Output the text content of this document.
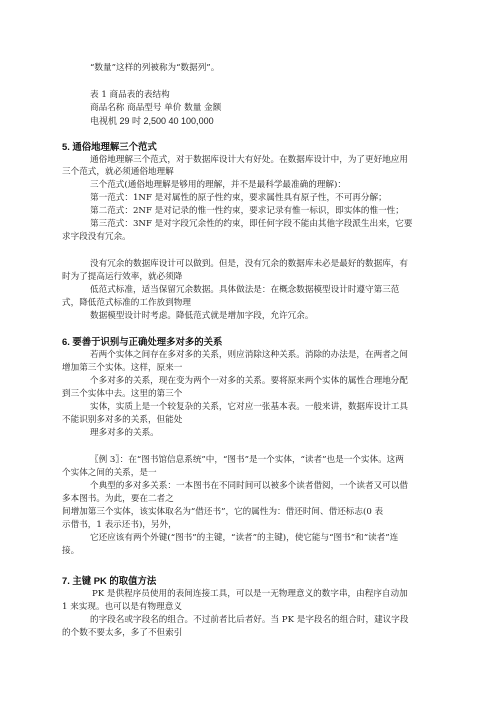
“数量”这样的列被称为“数据列”。
表 1 商品表的表结构
商品名称 商品型号 单价 数量 金额
电视机 29 吋 2,500 40 100,000
5. 通俗地理解三个范式
通俗地理解三个范式，对于数据库设计大有好处。在数据库设计中，为了更好地应用
三个范式，就必须通俗地理解
三个范式(通俗地理解是够用的理解，并不是最科学最准确的理解)：
第一范式：1NF 是对属性的原子性约束，要求属性具有原子性，不可再分解；
第二范式：2NF 是对记录的惟一性约束，要求记录有惟一标识，即实体的惟一性；
第三范式：3NF 是对字段冗余性的约束，即任何字段不能由其他字段派生出来，它要
求字段没有冗余。
没有冗余的数据库设计可以做到。但是，没有冗余的数据库未必是最好的数据库，有
时为了提高运行效率，就必须降
低范式标准，适当保留冗余数据。具体做法是：在概念数据模型设计时遵守第三范
式，降低范式标准的工作放到物理
数据模型设计时考虑。降低范式就是增加字段，允许冗余。
6. 要善于识别与正确处理多对多的关系
若两个实体之间存在多对多的关系，则应消除这种关系。消除的办法是，在两者之间
增加第三个实体。这样，原来一
个多对多的关系，现在变为两个一对多的关系。要将原来两个实体的属性合理地分配
到三个实体中去。这里的第三个
实体，实质上是一个较复杂的关系，它对应一张基本表。一般来讲，数据库设计工具
不能识别多对多的关系，但能处
理多对多的关系。
〖例 3〗：在“图书馆信息系统”中，“图书”是一个实体，“读者”也是一个实体。这两
个实体之间的关系，是一
个典型的多对多关系：一本图书在不同时间可以被多个读者借阅，一个读者又可以借
多本图书。为此，要在二者之
间增加第三个实体，该实体取名为“借还书”，它的属性为：借还时间、借还标志(0 表
示借书，1 表示还书)，另外，
它还应该有两个外键(“图书”的主键，“读者”的主键)，使它能与“图书”和“读者”连
接。
7. 主键 PK 的取值方法
PK 是供程序员使用的表间连接工具，可以是一无物理意义的数字串，由程序自动加
1 来实现。也可以是有物理意义
的字段名或字段名的组合。不过前者比后者好。当 PK 是字段名的组合时，建议字段
的个数不要太多，多了不但索引
